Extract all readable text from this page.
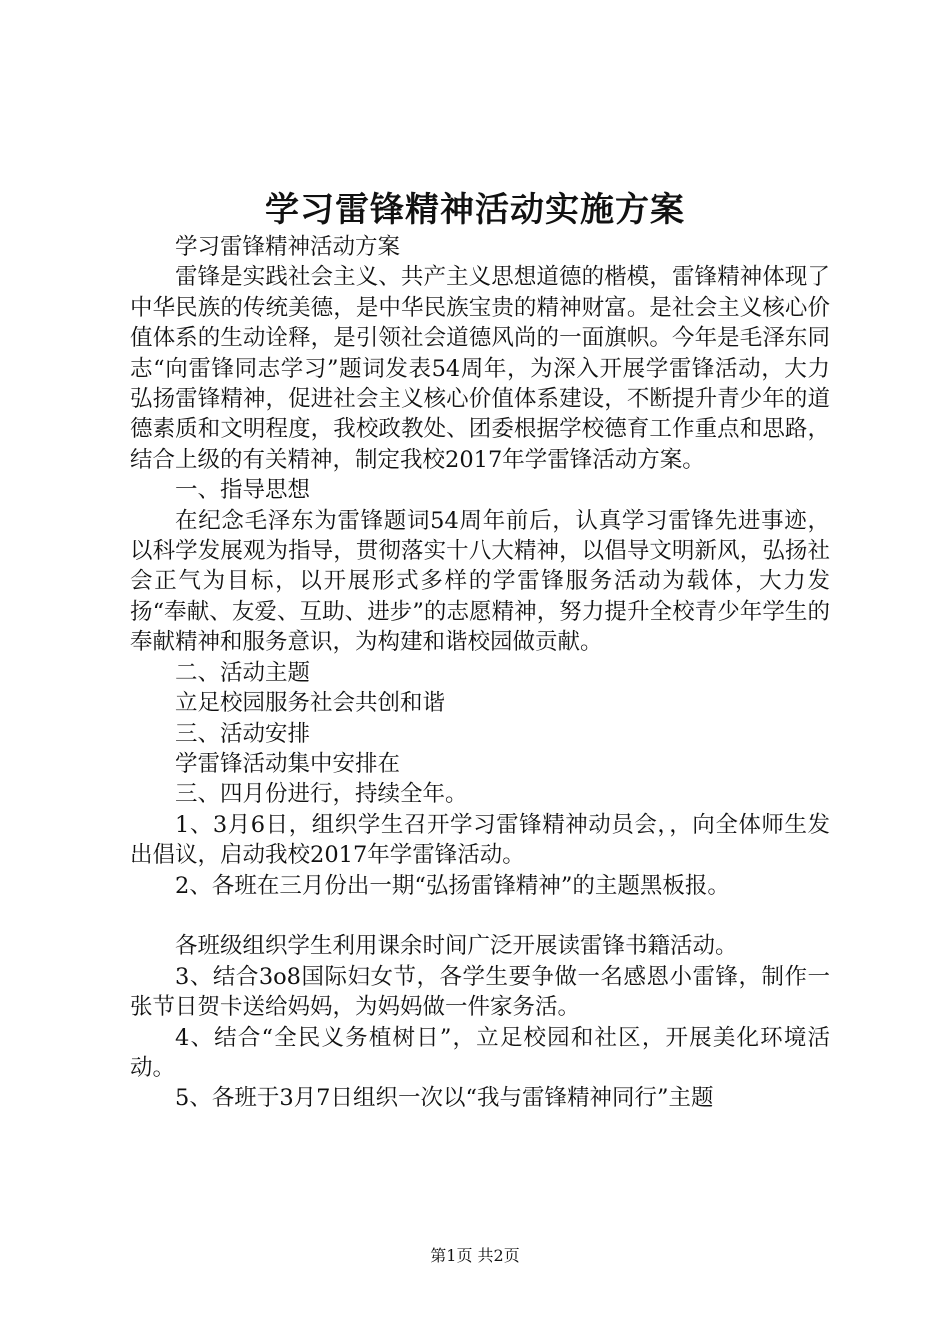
学习雷锋精神活动实施方案

学习雷锋精神活动方案

雷锋是实践社会主义、共产主义思想道德的楷模，雷锋精神体现了中华民族的传统美德，是中华民族宝贵的精神财富。是社会主义核心价值体系的生动诠释，是引领社会道德风尚的一面旗帜。今年是毛泽东同志“向雷锋同志学习”题词发表54周年，为深入开展学雷锋活动，大力弘扬雷锋精神，促进社会主义核心价值体系建设，不断提升青少年的道德素质和文明程度，我校政教处、团委根据学校德育工作重点和思路，结合上级的有关精神，制定我校2017年学雷锋活动方案。

一、指导思想

在纪念毛泽东为雷锋题词54周年前后，认真学习雷锋先进事迹，以科学发展观为指导，贯彻落实十八大精神，以倡导文明新风，弘扬社会正气为目标，以开展形式多样的学雷锋服务活动为载体，大力发扬“奉献、友爱、互助、进步”的志愿精神，努力提升全校青少年学生的奉献精神和服务意识，为构建和谐校园做贡献。

二、活动主题

立足校园服务社会共创和谐

三、活动安排

学雷锋活动集中安排在

三、四月份进行，持续全年。

1、3月6日，组织学生召开学习雷锋精神动员会，，向全体师生发出倡议，启动我校2017年学雷锋活动。

2、各班在三月份出一期“弘扬雷锋精神”的主题黑板报。

各班级组织学生利用课余时间广泛开展读雷锋书籍活动。

3、结合3o8国际妇女节，各学生要争做一名感恩小雷锋，制作一张节日贺卡送给妈妈，为妈妈做一件家务活。

4、结合“全民义务植树日”，立足校园和社区，开展美化环境活动。

5、各班于3月7日组织一次以“我与雷锋精神同行”主题

第1页 共2页
